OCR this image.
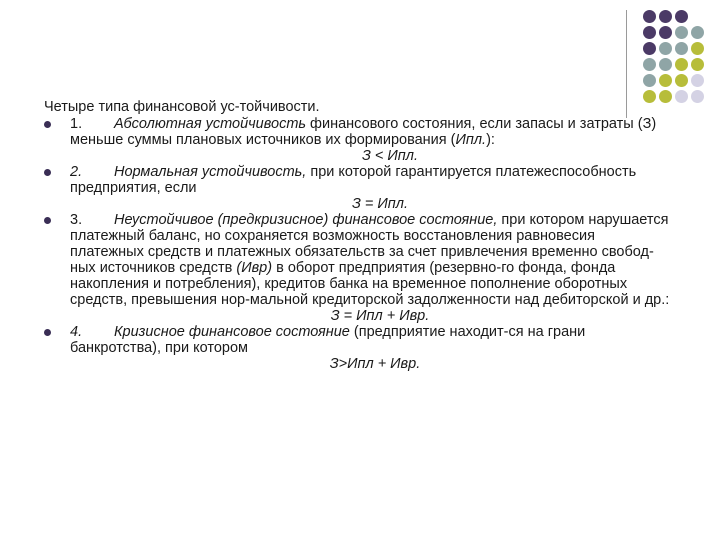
Четыре типа финансовой ус-тойчивости.

1. Абсолютная устойчивость финансового состояния, если запасы и затраты (З) меньше суммы плановых источников их формирования (Ипл.):
З < Ипл.

2. Нормальная устойчивость, при которой гарантируется платежеспособность предприятия, если
З = Ипл.

3. Неустойчивое (предкризисное) финансовое состояние, при котором нарушается платежный баланс, но сохраняется возможность восстановления равновесия платежных средств и платежных обязательств за счет привлечения временно свобод-ных источников средств (Ивр) в оборот предприятия (резервно-го фонда, фонда накопления и потребления), кредитов банка на временное пополнение оборотных средств, превышения нор-мальной кредиторской задолженности над дебиторской и др.:
З = Ипл + Ивр.

4. Кризисное финансовое состояние (предприятие находит-ся на грани банкротства), при котором
З>Ипл + Ивр.
